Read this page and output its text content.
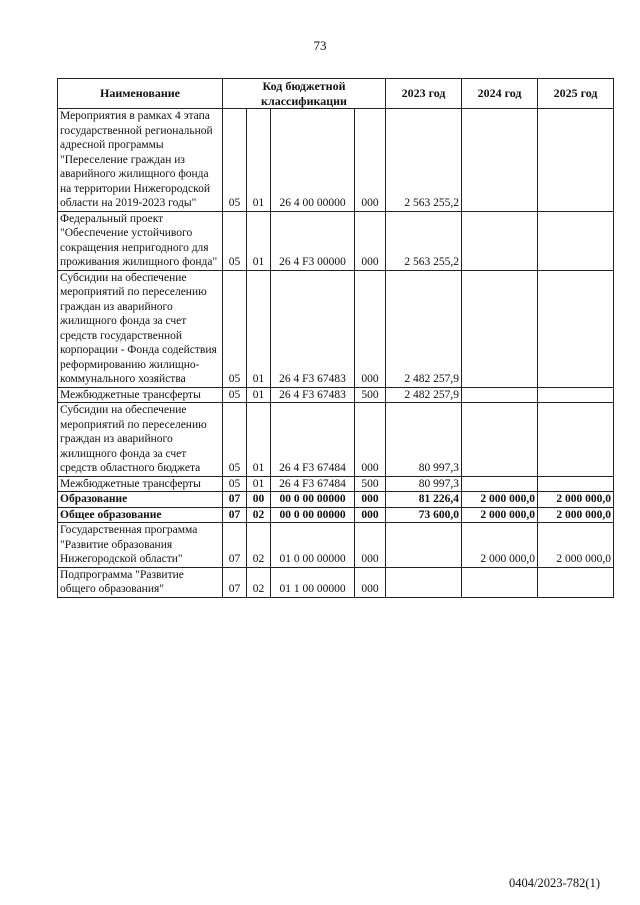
73
Наименование	Код бюджетной классификации				2023 год	2024 год	2025 год
Мероприятия в рамках 4 этапа государственной региональной адресной программы "Переселение граждан из аварийного жилищного фонда на территории Нижегородской области на 2019-2023 годы"	05	01	26 4 00 00000	000	2 563 255,2		
Федеральный проект "Обеспечение устойчивого сокращения непригодного для проживания жилищного фонда"	05	01	26 4 F3 00000	000	2 563 255,2		
Субсидии на обеспечение мероприятий по переселению граждан из аварийного жилищного фонда за счет средств государственной корпорации - Фонда содействия реформированию жилищно-коммунального хозяйства	05	01	26 4 F3 67483	000	2 482 257,9		
Межбюджетные трансферты	05	01	26 4 F3 67483	500	2 482 257,9		
Субсидии на обеспечение мероприятий по переселению граждан из аварийного жилищного фонда за счет средств областного бюджета	05	01	26 4 F3 67484	000	80 997,3		
Межбюджетные трансферты	05	01	26 4 F3 67484	500	80 997,3		
Образование	07	00	00 0 00 00000	000	81 226,4	2 000 000,0	2 000 000,0
Общее образование	07	02	00 0 00 00000	000	73 600,0	2 000 000,0	2 000 000,0
Государственная программа "Развитие образования Нижегородской области"	07	02	01 0 00 00000	000		2 000 000,0	2 000 000,0
Подпрограмма "Развитие общего образования"	07	02	01 1 00 00000	000			
0404/2023-782(1)
